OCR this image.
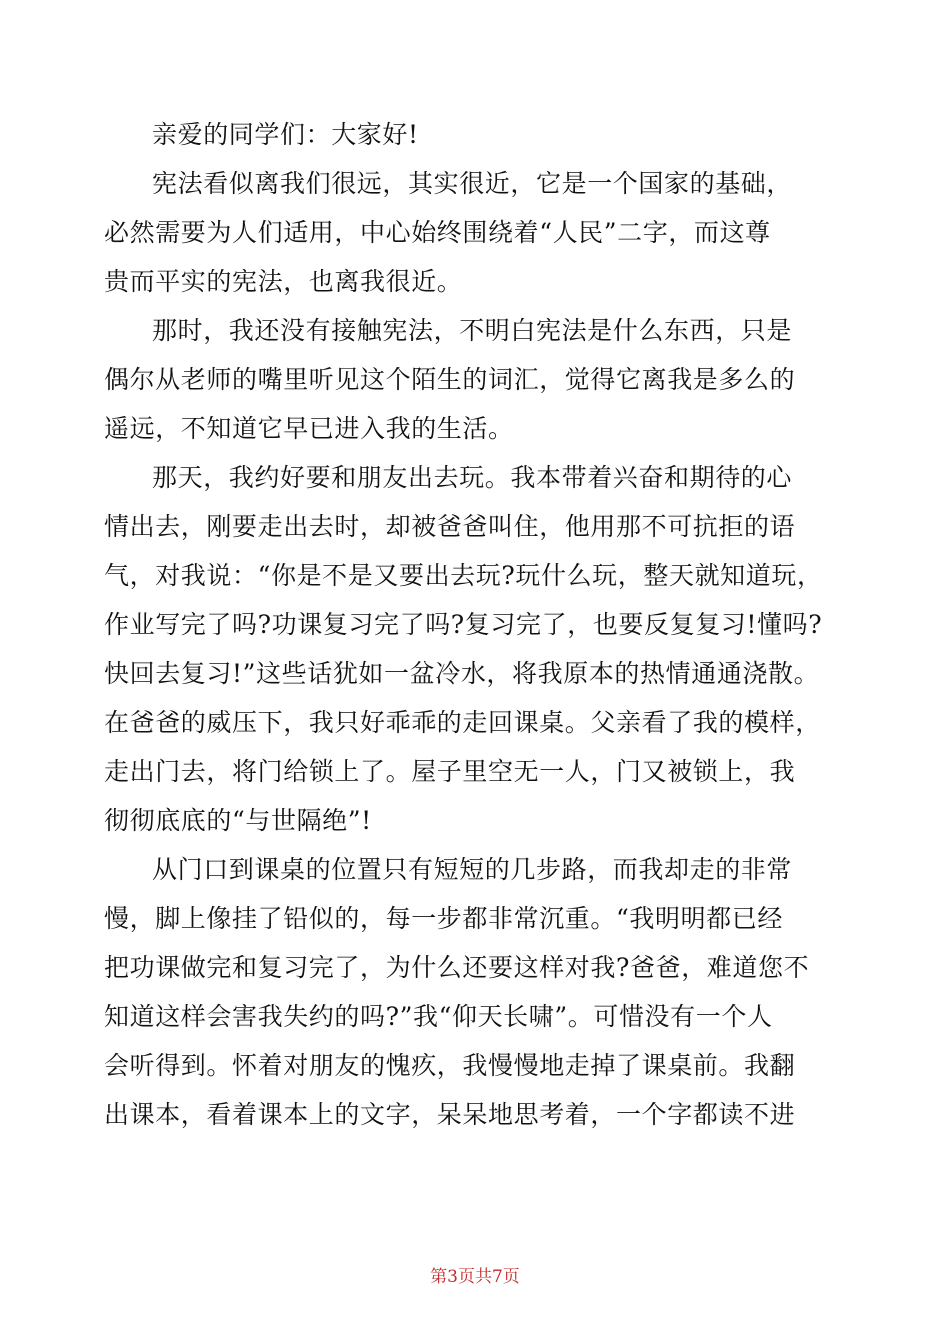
亲爱的同学们：大家好!
宪法看似离我们很远，其实很近，它是一个国家的基础，
必然需要为人们适用，中心始终围绕着“人民”二字，而这尊
贵而平实的宪法，也离我很近。
那时，我还没有接触宪法，不明白宪法是什么东西，只是
偶尔从老师的嘴里听见这个陌生的词汇，觉得它离我是多么的
遥远，不知道它早已进入我的生活。
那天，我约好要和朋友出去玩。我本带着兴奋和期待的心
情出去，刚要走出去时，却被爸爸叫住，他用那不可抗拒的语
气，对我说：“你是不是又要出去玩?玩什么玩，整天就知道玩，
作业写完了吗?功课复习完了吗?复习完了，也要反复复习!懂吗?
快回去复习!”这些话犹如一盆冷水，将我原本的热情通通浇散。
在爸爸的威压下，我只好乖乖的走回课桌。父亲看了我的模样，
走出门去，将门给锁上了。屋子里空无一人，门又被锁上，我
彻彻底底的“与世隔绝”!
从门口到课桌的位置只有短短的几步路，而我却走的非常
慢，脚上像挂了铅似的，每一步都非常沉重。“我明明都已经
把功课做完和复习完了，为什么还要这样对我?爸爸，难道您不
知道这样会害我失约的吗?”我“仰天长啸”。可惜没有一个人
会听得到。怀着对朋友的愧疚，我慢慢地走掉了课桌前。我翻
出课本，看着课本上的文字，呆呆地思考着，一个字都读不进
第3页共7页
